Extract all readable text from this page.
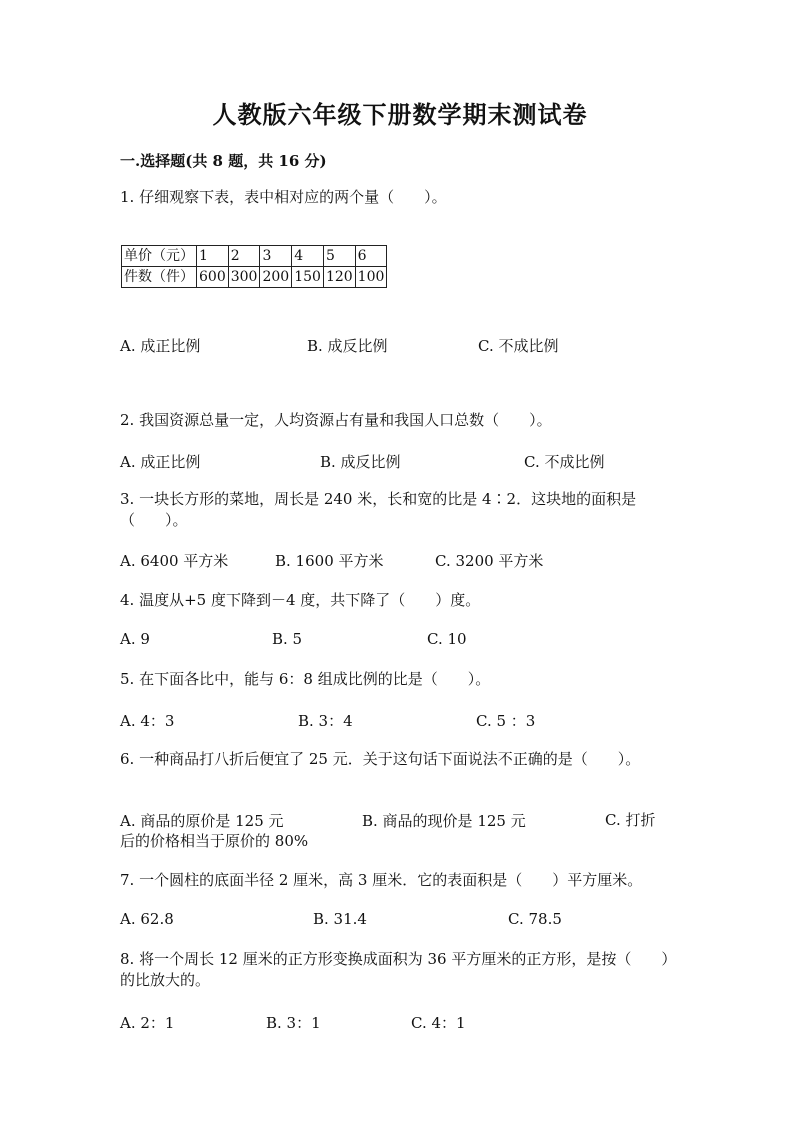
人教版六年级下册数学期末测试卷
一.选择题(共 8 题，共 16 分)
1. 仔细观察下表，表中相对应的两个量（　　）。
单价（元）	1	2	3	4	5	6
件数（件）	600	300	200	150	120	100
A. 成正比例	B. 成反比例	C. 不成比例
2. 我国资源总量一定，人均资源占有量和我国人口总数（　　）。
A. 成正比例	B. 成反比例	C. 不成比例
3. 一块长方形的菜地，周长是 240 米，长和宽的比是 4∶2．这块地的面积是（　　）。
A. 6400 平方米	B. 1600 平方米	C. 3200 平方米
4. 温度从+5 度下降到－4 度，共下降了（　　）度。
A. 9	B. 5	C. 10
5. 在下面各比中，能与 6：8 组成比例的比是（　　）。
A. 4：3	B. 3：4	C. 5 ：3
6. 一种商品打八折后便宜了 25 元．关于这句话下面说法不正确的是（　　）。
A. 商品的原价是 125 元	B. 商品的现价是 125 元	C. 打折后的价格相当于原价的 80%
7. 一个圆柱的底面半径 2 厘米，高 3 厘米．它的表面积是（　　）平方厘米。
A. 62.8	B. 31.4	C. 78.5
8. 将一个周长 12 厘米的正方形变换成面积为 36 平方厘米的正方形，是按（　　）的比放大的。
A. 2：1	B. 3：1	C. 4：1
